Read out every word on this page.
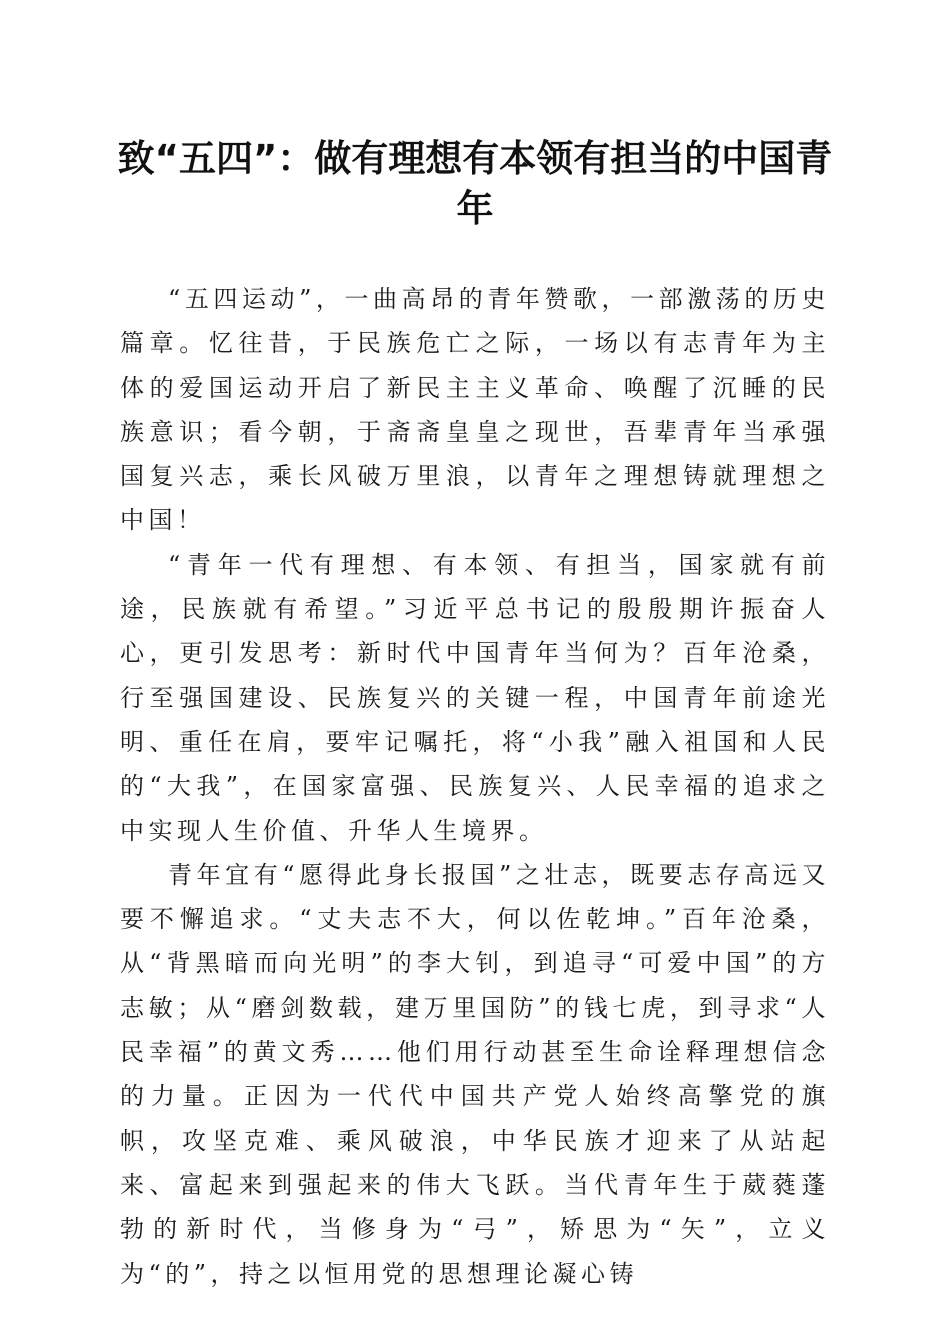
致“五四”：做有理想有本领有担当的中国青
年

“五四运动”，一曲高昂的青年赞歌，一部激荡的历史篇章。忆往昔，于民族危亡之际，一场以有志青年为主体的爱国运动开启了新民主主义革命、唤醒了沉睡的民族意识；看今朝，于斋斋皇皇之现世，吾辈青年当承强国复兴志，乘长风破万里浪，以青年之理想铸就理想之中国！

“青年一代有理想、有本领、有担当，国家就有前途，民族就有希望。”习近平总书记的殷殷期许振奋人心，更引发思考：新时代中国青年当何为？百年沧桑，行至强国建设、民族复兴的关键一程，中国青年前途光明、重任在肩，要牢记嘱托，将“小我”融入祖国和人民的“大我”，在国家富强、民族复兴、人民幸福的追求之中实现人生价值、升华人生境界。

青年宜有“愿得此身长报国”之壮志，既要志存高远又要不懈追求。“丈夫志不大，何以佐乾坤。”百年沧桑，从“背黑暗而向光明”的李大钊，到追寻“可爱中国”的方志敏；从“磨剑数载，建万里国防”的钱七虎，到寻求“人民幸福”的黄文秀……他们用行动甚至生命诠释理想信念的力量。正因为一代代中国共产党人始终高擎党的旗帜，攻坚克难、乘风破浪，中华民族才迎来了从站起来、富起来到强起来的伟大飞跃。当代青年生于葳蕤蓬勃的新时代，当修身为“弓”，矫思为“矢”，立义为“的”，持之以恒用党的思想理论凝心铸
